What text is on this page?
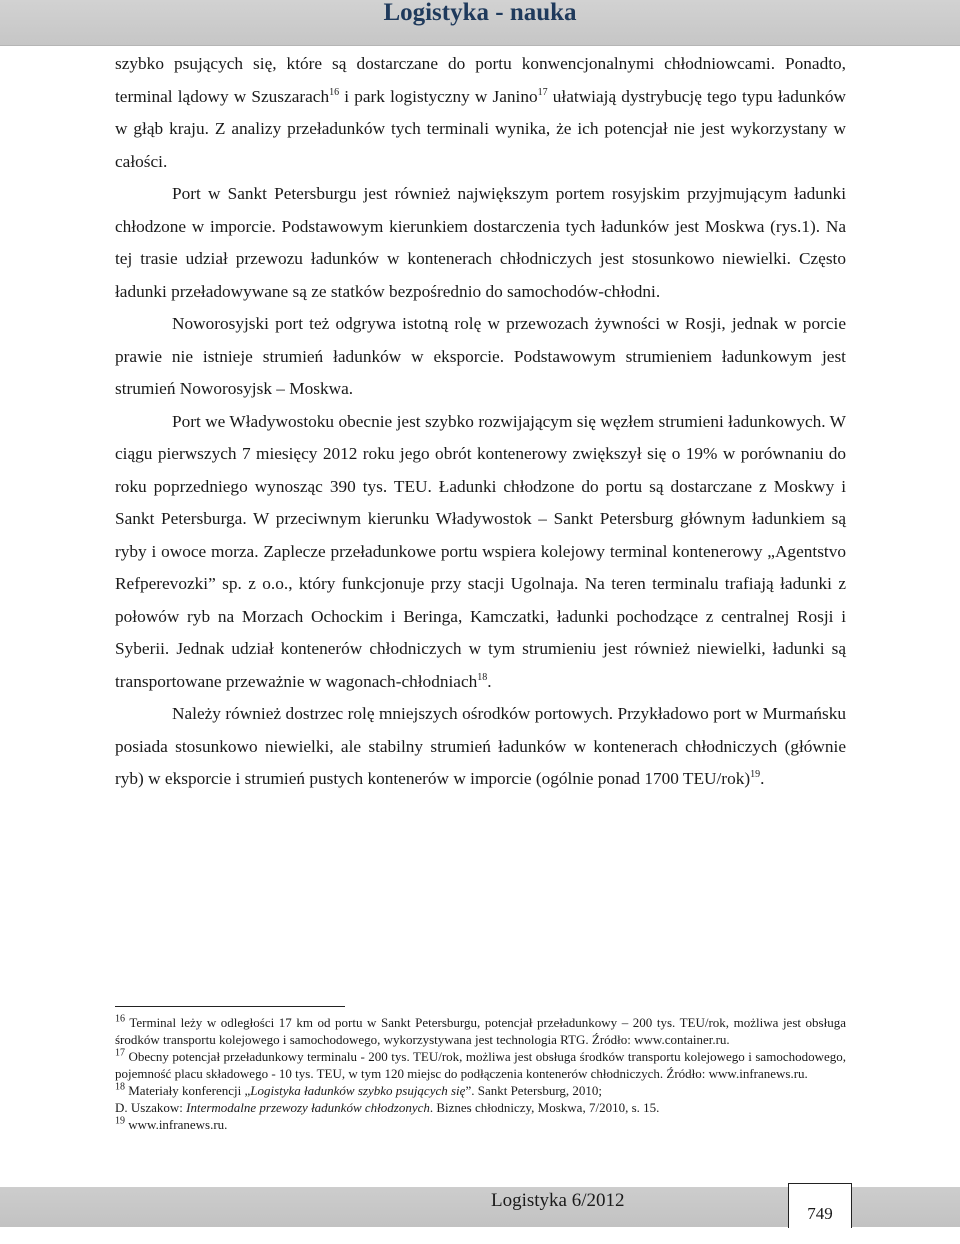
Logistyka - nauka

szybko psujących się, które są dostarczane do portu konwencjonalnymi chłodniowcami. Ponadto, terminal lądowy w Szuszarach$^{16}$ i park logistyczny w Janino$^{17}$ ułatwiają dystrybucję tego typu ładunków w głąb kraju. Z analizy przeładunków tych terminali wynika, że ich potencjał nie jest wykorzystany w całości.

Port w Sankt Petersburgu jest również największym portem rosyjskim przyjmującym ładunki chłodzone w imporcie. Podstawowym kierunkiem dostarczenia tych ładunków jest Moskwa (rys.1). Na tej trasie udział przewozu ładunków w kontenerach chłodniczych jest stosunkowo niewielki. Często ładunki przeładowywane są ze statków bezpośrednio do samochodów-chłodni.

Noworosyjski port też odgrywa istotną rolę w przewozach żywności w Rosji, jednak w porcie prawie nie istnieje strumień ładunków w eksporcie. Podstawowym strumieniem ładunkowym jest strumień Noworosyjsk – Moskwa.

Port we Władywostoku obecnie jest szybko rozwijającym się węzłem strumieni ładunkowych. W ciągu pierwszych 7 miesięcy 2012 roku jego obrót kontenerowy zwiększył się o 19% w porównaniu do roku poprzedniego wynosząc 390 tys. TEU. Ładunki chłodzone do portu są dostarczane z Moskwy i Sankt Petersburga. W przeciwnym kierunku Władywostok – Sankt Petersburg głównym ładunkiem są ryby i owoce morza. Zaplecze przeładunkowe portu wspiera kolejowy terminal kontenerowy „Agentstvo Refperevozki” sp. z o.o., który funkcjonuje przy stacji Ugolnaja. Na teren terminalu trafiają ładunki z połowów ryb na Morzach Ochockim i Beringa, Kamczatki, ładunki pochodzące z centralnej Rosji i Syberii. Jednak udział kontenerów chłodniczych w tym strumieniu jest również niewielki, ładunki są transportowane przeważnie w wagonach-chłodniach$^{18}$.

Należy również dostrzec rolę mniejszych ośrodków portowych. Przykładowo port w Murmańsku posiada stosunkowo niewielki, ale stabilny strumień ładunków w kontenerach chłodniczych (głównie ryb) w eksporcie i strumień pustych kontenerów w imporcie (ogólnie ponad 1700 TEU/rok)$^{19}$.

$^{16}$ Terminal leży w odległości 17 km od portu w Sankt Petersburgu, potencjał przeładunkowy – 200 tys. TEU/rok, możliwa jest obsługa środków transportu kolejowego i samochodowego, wykorzystywana jest technologia RTG. Źródło: www.container.ru.

$^{17}$ Obecny potencjał przeładunkowy terminalu - 200 tys. TEU/rok, możliwa jest obsługa środków transportu kolejowego i samochodowego, pojemność placu składowego - 10 tys. TEU, w tym 120 miejsc do podłączenia kontenerów chłodniczych. Źródło: www.infranews.ru.

$^{18}$ Materiały konferencji „Logistyka ładunków szybko psujących się”. Sankt Petersburg, 2010;

D. Uszakow: Intermodalne przewozy ładunków chłodzonych. Biznes chłodniczy, Moskwa, 7/2010, s. 15.

$^{19}$ www.infranews.ru.

Logistyka 6/2012
749
